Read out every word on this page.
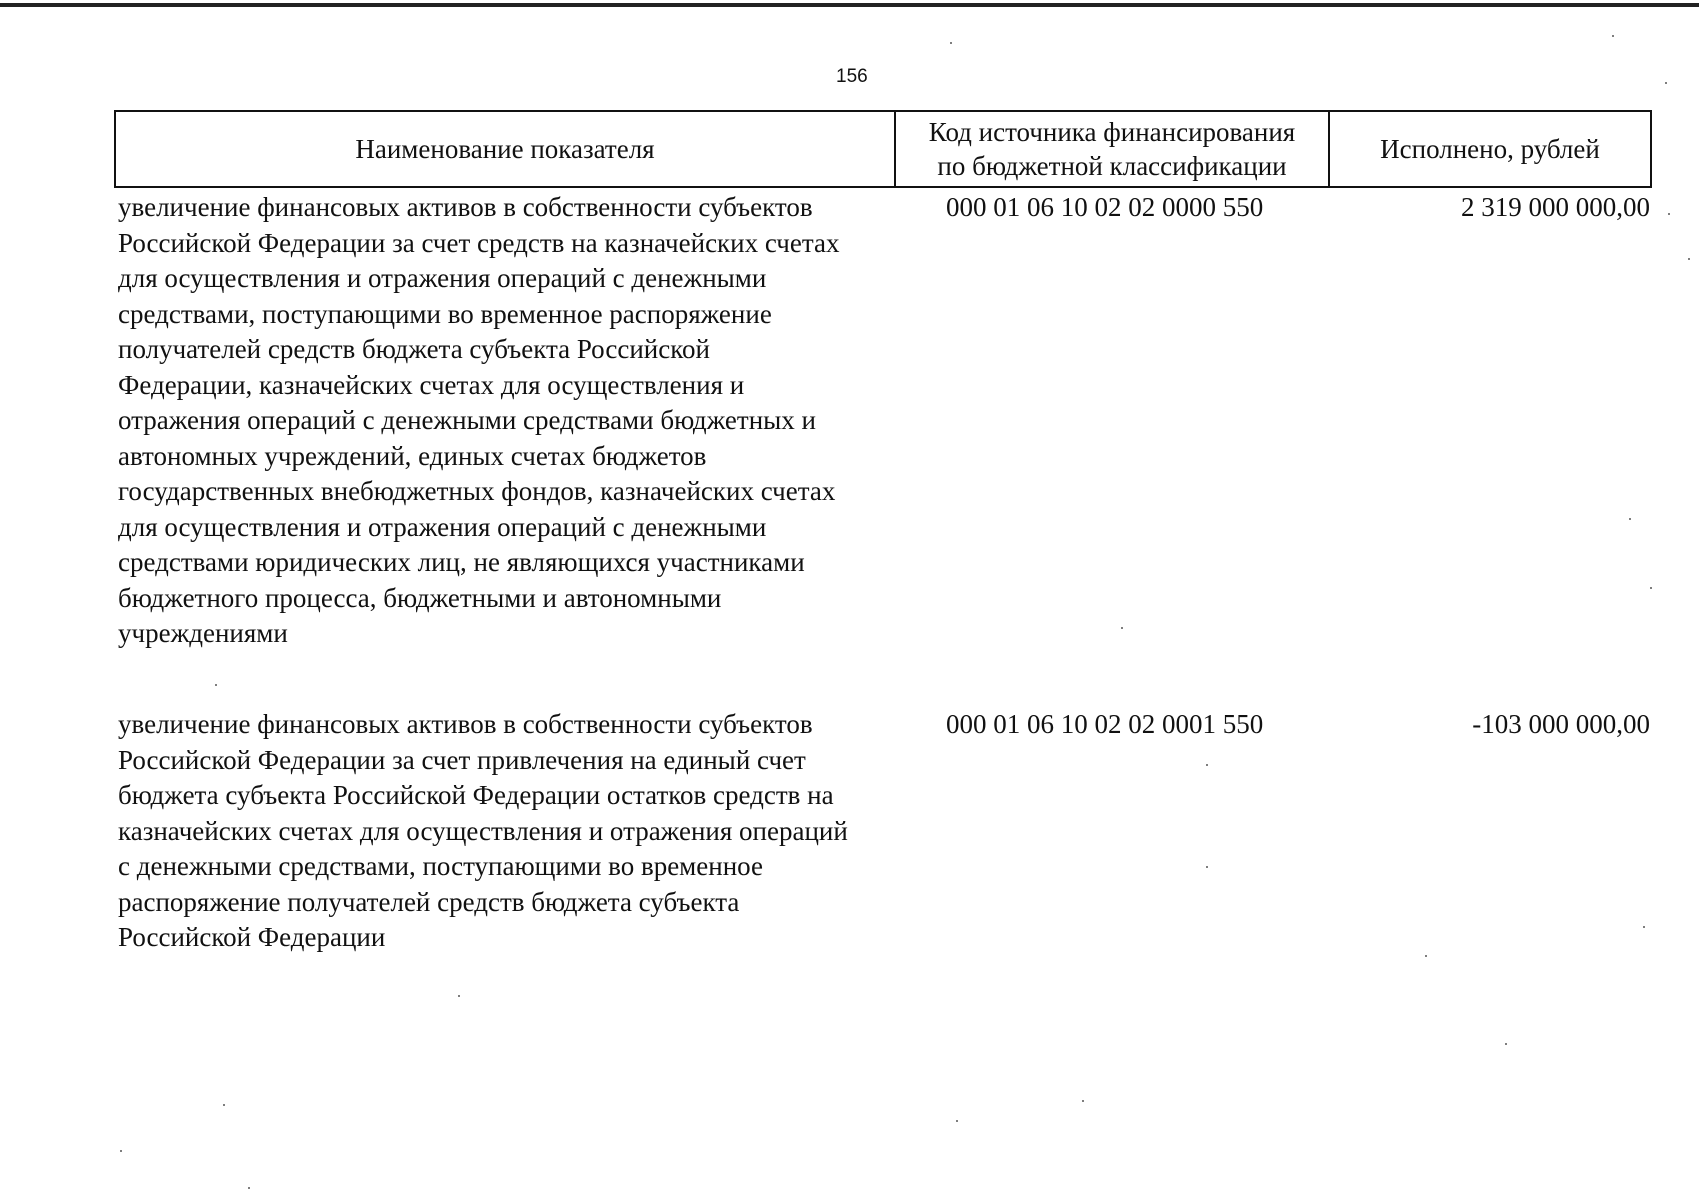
156
Наименование показателя
Код источника финансирования
по бюджетной классификации
Исполнено, рублей
увеличение финансовых активов в собственности субъектов
Российской Федерации за счет средств на казначейских счетах
для осуществления и отражения операций с денежными
средствами, поступающими во временное распоряжение
получателей средств бюджета субъекта Российской
Федерации, казначейских счетах для осуществления и
отражения операций с денежными средствами бюджетных и
автономных учреждений, единых счетах бюджетов
государственных внебюджетных фондов, казначейских счетах
для осуществления и отражения операций с денежными
средствами юридических лиц, не являющихся участниками
бюджетного процесса, бюджетными и автономными
учреждениями
000 01 06 10 02 02 0000 550	2 319 000 000,00
увеличение финансовых активов в собственности субъектов
Российской Федерации за счет привлечения на единый счет
бюджета субъекта Российской Федерации остатков средств на
казначейских счетах для осуществления и отражения операций
с денежными средствами, поступающими во временное
распоряжение получателей средств бюджета субъекта
Российской Федерации
000 01 06 10 02 02 0001 550	-103 000 000,00
